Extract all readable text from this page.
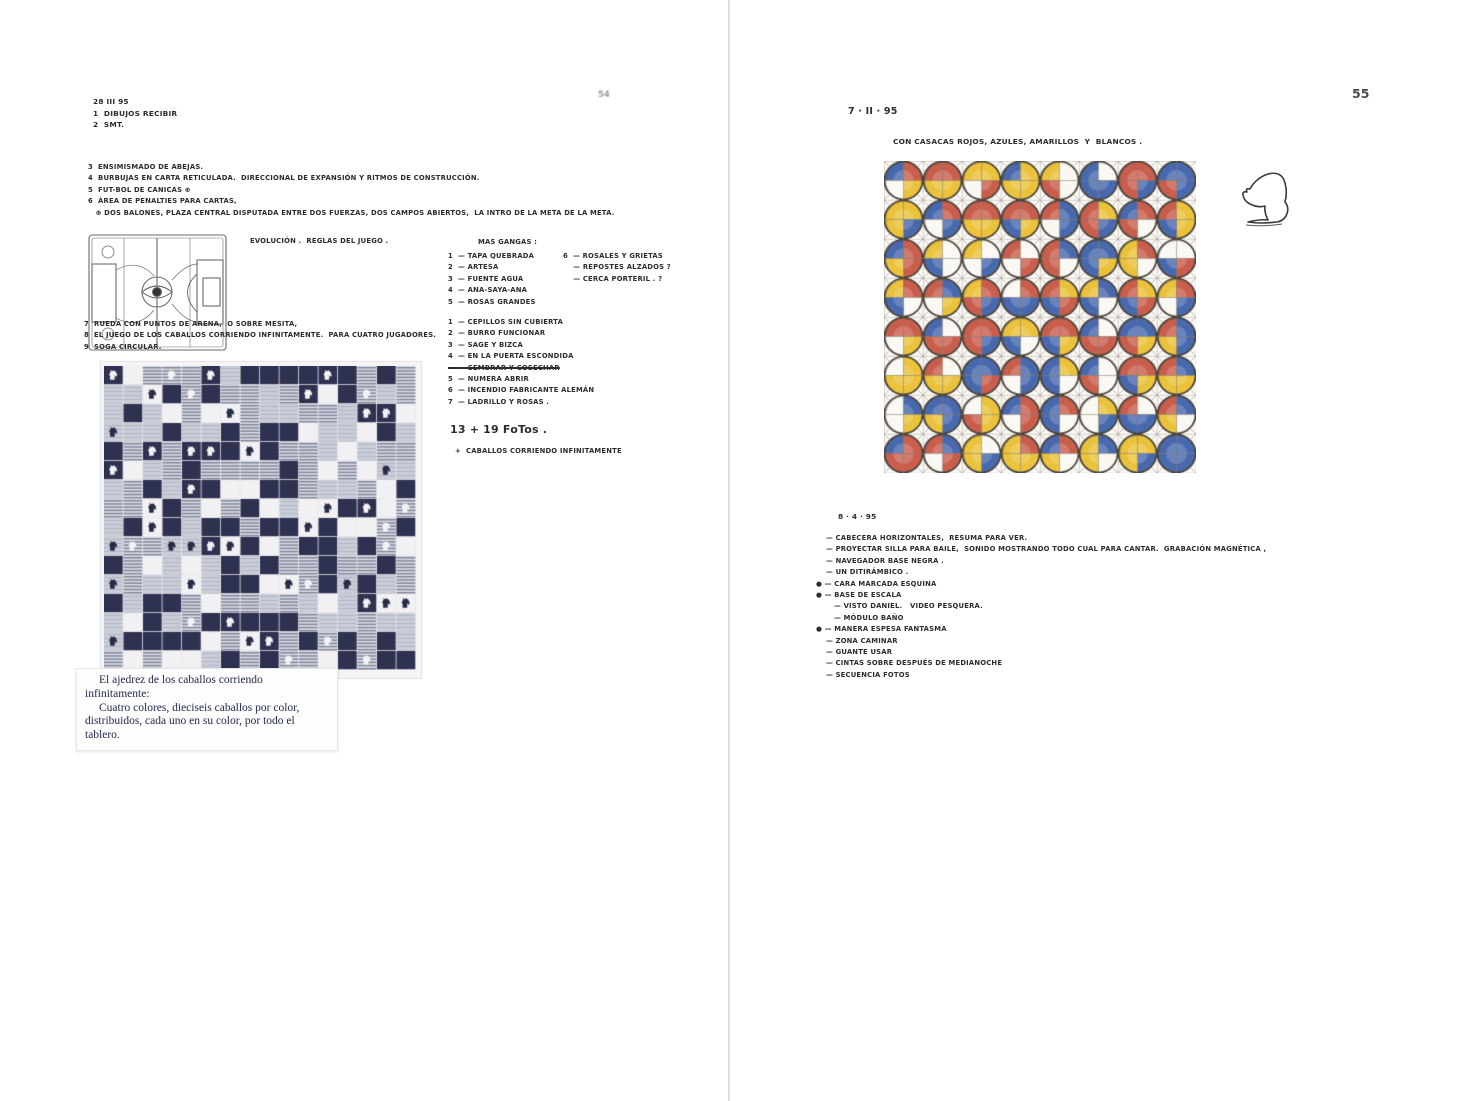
54
28 III 95
1  DIBUJOS RECIBIR
2  SMT.
3  ENSIMISMADO DE ABEJAS.
4  BURBUJAS EN CARTA RETICULADA.  DIRECCIONAL DE EXPANSIÓN Y RITMOS DE CONSTRUCCIÓN.
5  FUT-BOL DE CANICAS ⊕
6  ÁREA DE PENALTIES PARA CARTAS,
⊕ DOS BALONES, PLAZA CENTRAL DISPUTADA ENTRE DOS FUERZAS, DOS CAMPOS ABIERTOS,  LA INTRO DE LA META DE LA META.
EVOLUCIÓN .  REGLAS DEL JUEGO .
7  RUEDA CON PUNTOS DE ARENA,  O SOBRE MESITA,
8  EL JUEGO DE LOS CABALLOS CORRIENDO INFINITAMENTE.  PARA CUATRO JUGADORES.
9  SOGA CIRCULAR.
MAS GANGAS :
1  — TAPA QUEBRADA
2  — ARTESA
3  — FUENTE AGUA
4  — ANA-SAYA-ANA
5  — ROSAS GRANDES
6  — ROSALES Y GRIETAS
— REPOSTES ALZADOS ?
— CERCA PORTERIL . ?
1  — CEPILLOS SIN CUBIERTA
2  — BURRO FUNCIONAR
3  — SAGE Y BIZCA
4  — EN LA PUERTA ESCONDIDA
— SEMBRAR Y COSECHAR
5  — NUMERA ABRIR
6  — INCENDIO FABRICANTE ALEMÁN
7  — LADRILLO Y ROSAS .
13 + 19 FoTos .
+  CABALLOS CORRIENDO INFINITAMENTE

El ajedrez de los caballos corriendo

infinitamente:

Cuatro colores, dieciseis caballos por color,

distribuidos, cada uno en su color, por todo el

tablero.

55
7 · II · 95
CON CASACAS ROJOS, AZULES, AMARILLOS  Y  BLANCOS .
8 · 4 · 95
— CABECERA HORIZONTALES,  RESUMA PARA VER.
— PROYECTAR SILLA PARA BAILE,  SONIDO MOSTRANDO TODO CUAL PARA CANTAR.  GRABACIÓN MAGNÉTICA ,
— NAVEGADOR BASE NEGRA .
— UN DITIRÁMBICO .
● — CARA MARCADA ESQUINA
● — BASE DE ESCALA
— VISTO DANIEL.   VIDEO PESQUERA.
— MÓDULO BAÑO
● — MANERA ESPESA FANTASMA
— ZONA CAMINAR
— GUANTE USAR
— CINTAS SOBRE DESPUÉS DE MEDIANOCHE
— SECUENCIA FOTOS
